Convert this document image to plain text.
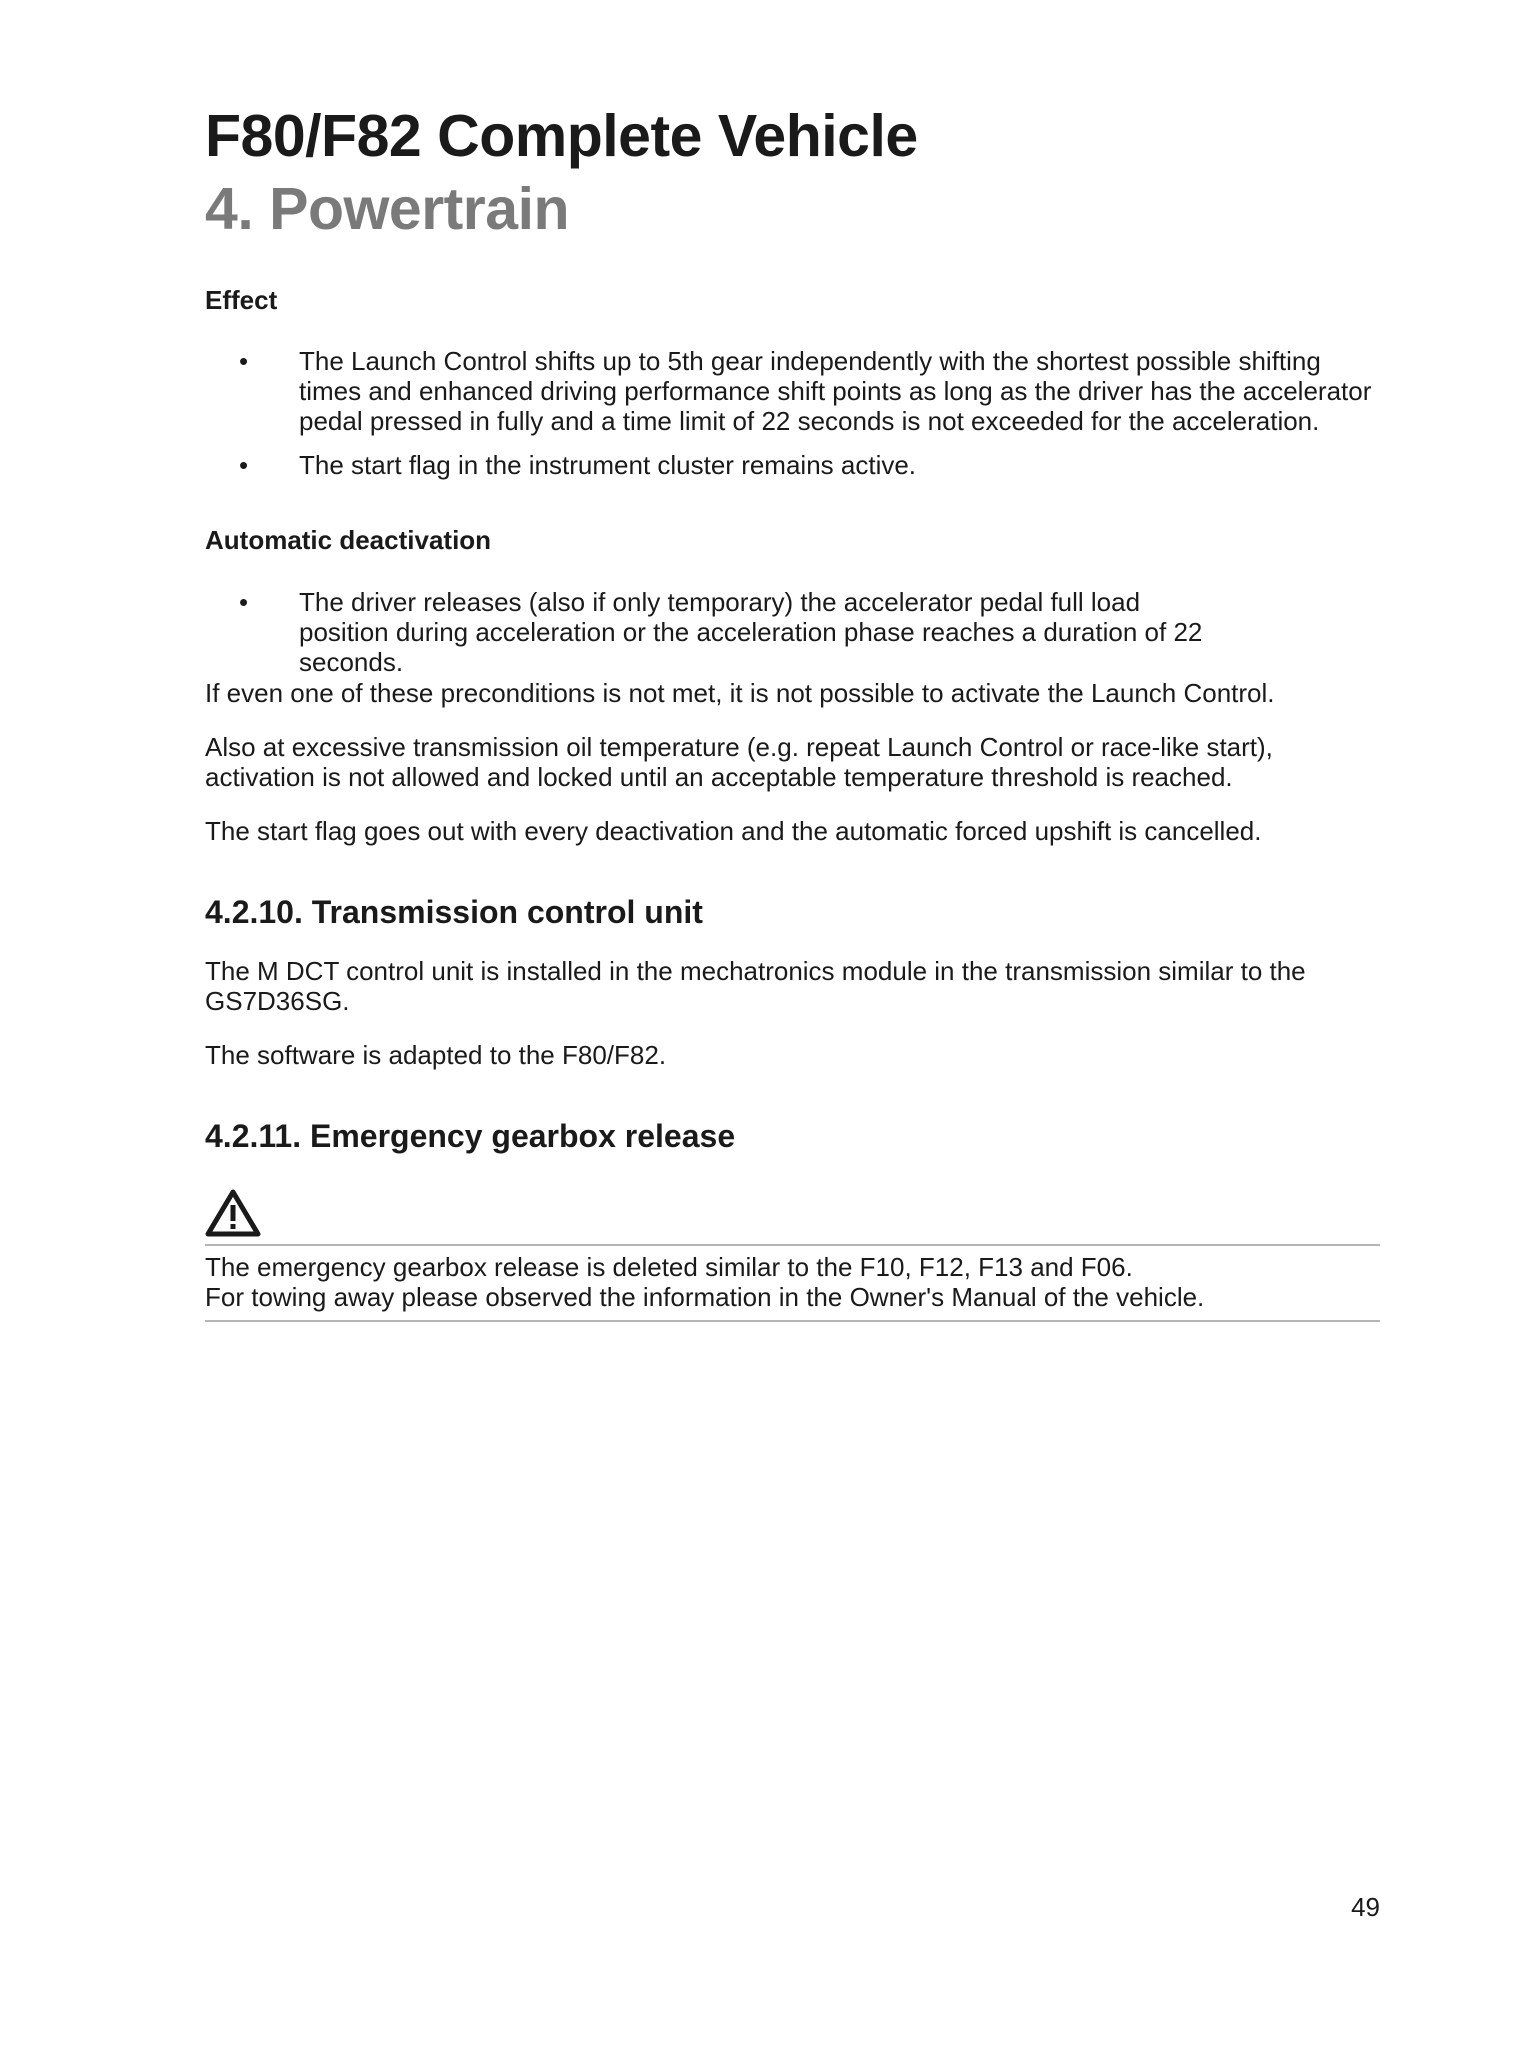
F80/F82 Complete Vehicle
4. Powertrain
Effect
• The Launch Control shifts up to 5th gear independently with the shortest possible shifting times and enhanced driving performance shift points as long as the driver has the accelerator pedal pressed in fully and a time limit of 22 seconds is not exceeded for the acceleration.
• The start flag in the instrument cluster remains active.
Automatic deactivation
• The driver releases (also if only temporary) the accelerator pedal full load position during acceleration or the acceleration phase reaches a duration of 22 seconds.

If even one of these preconditions is not met, it is not possible to activate the Launch Control.

Also at excessive transmission oil temperature (e.g. repeat Launch Control or race-like start), activation is not allowed and locked until an acceptable temperature threshold is reached.

The start flag goes out with every deactivation and the automatic forced upshift is cancelled.

4.2.10. Transmission control unit

The M DCT control unit is installed in the mechatronics module in the transmission similar to the GS7D36SG.

The software is adapted to the F80/F82.

4.2.11. Emergency gearbox release

The emergency gearbox release is deleted similar to the F10, F12, F13 and F06.

For towing away please observed the information in the Owner's Manual of the vehicle.

49
